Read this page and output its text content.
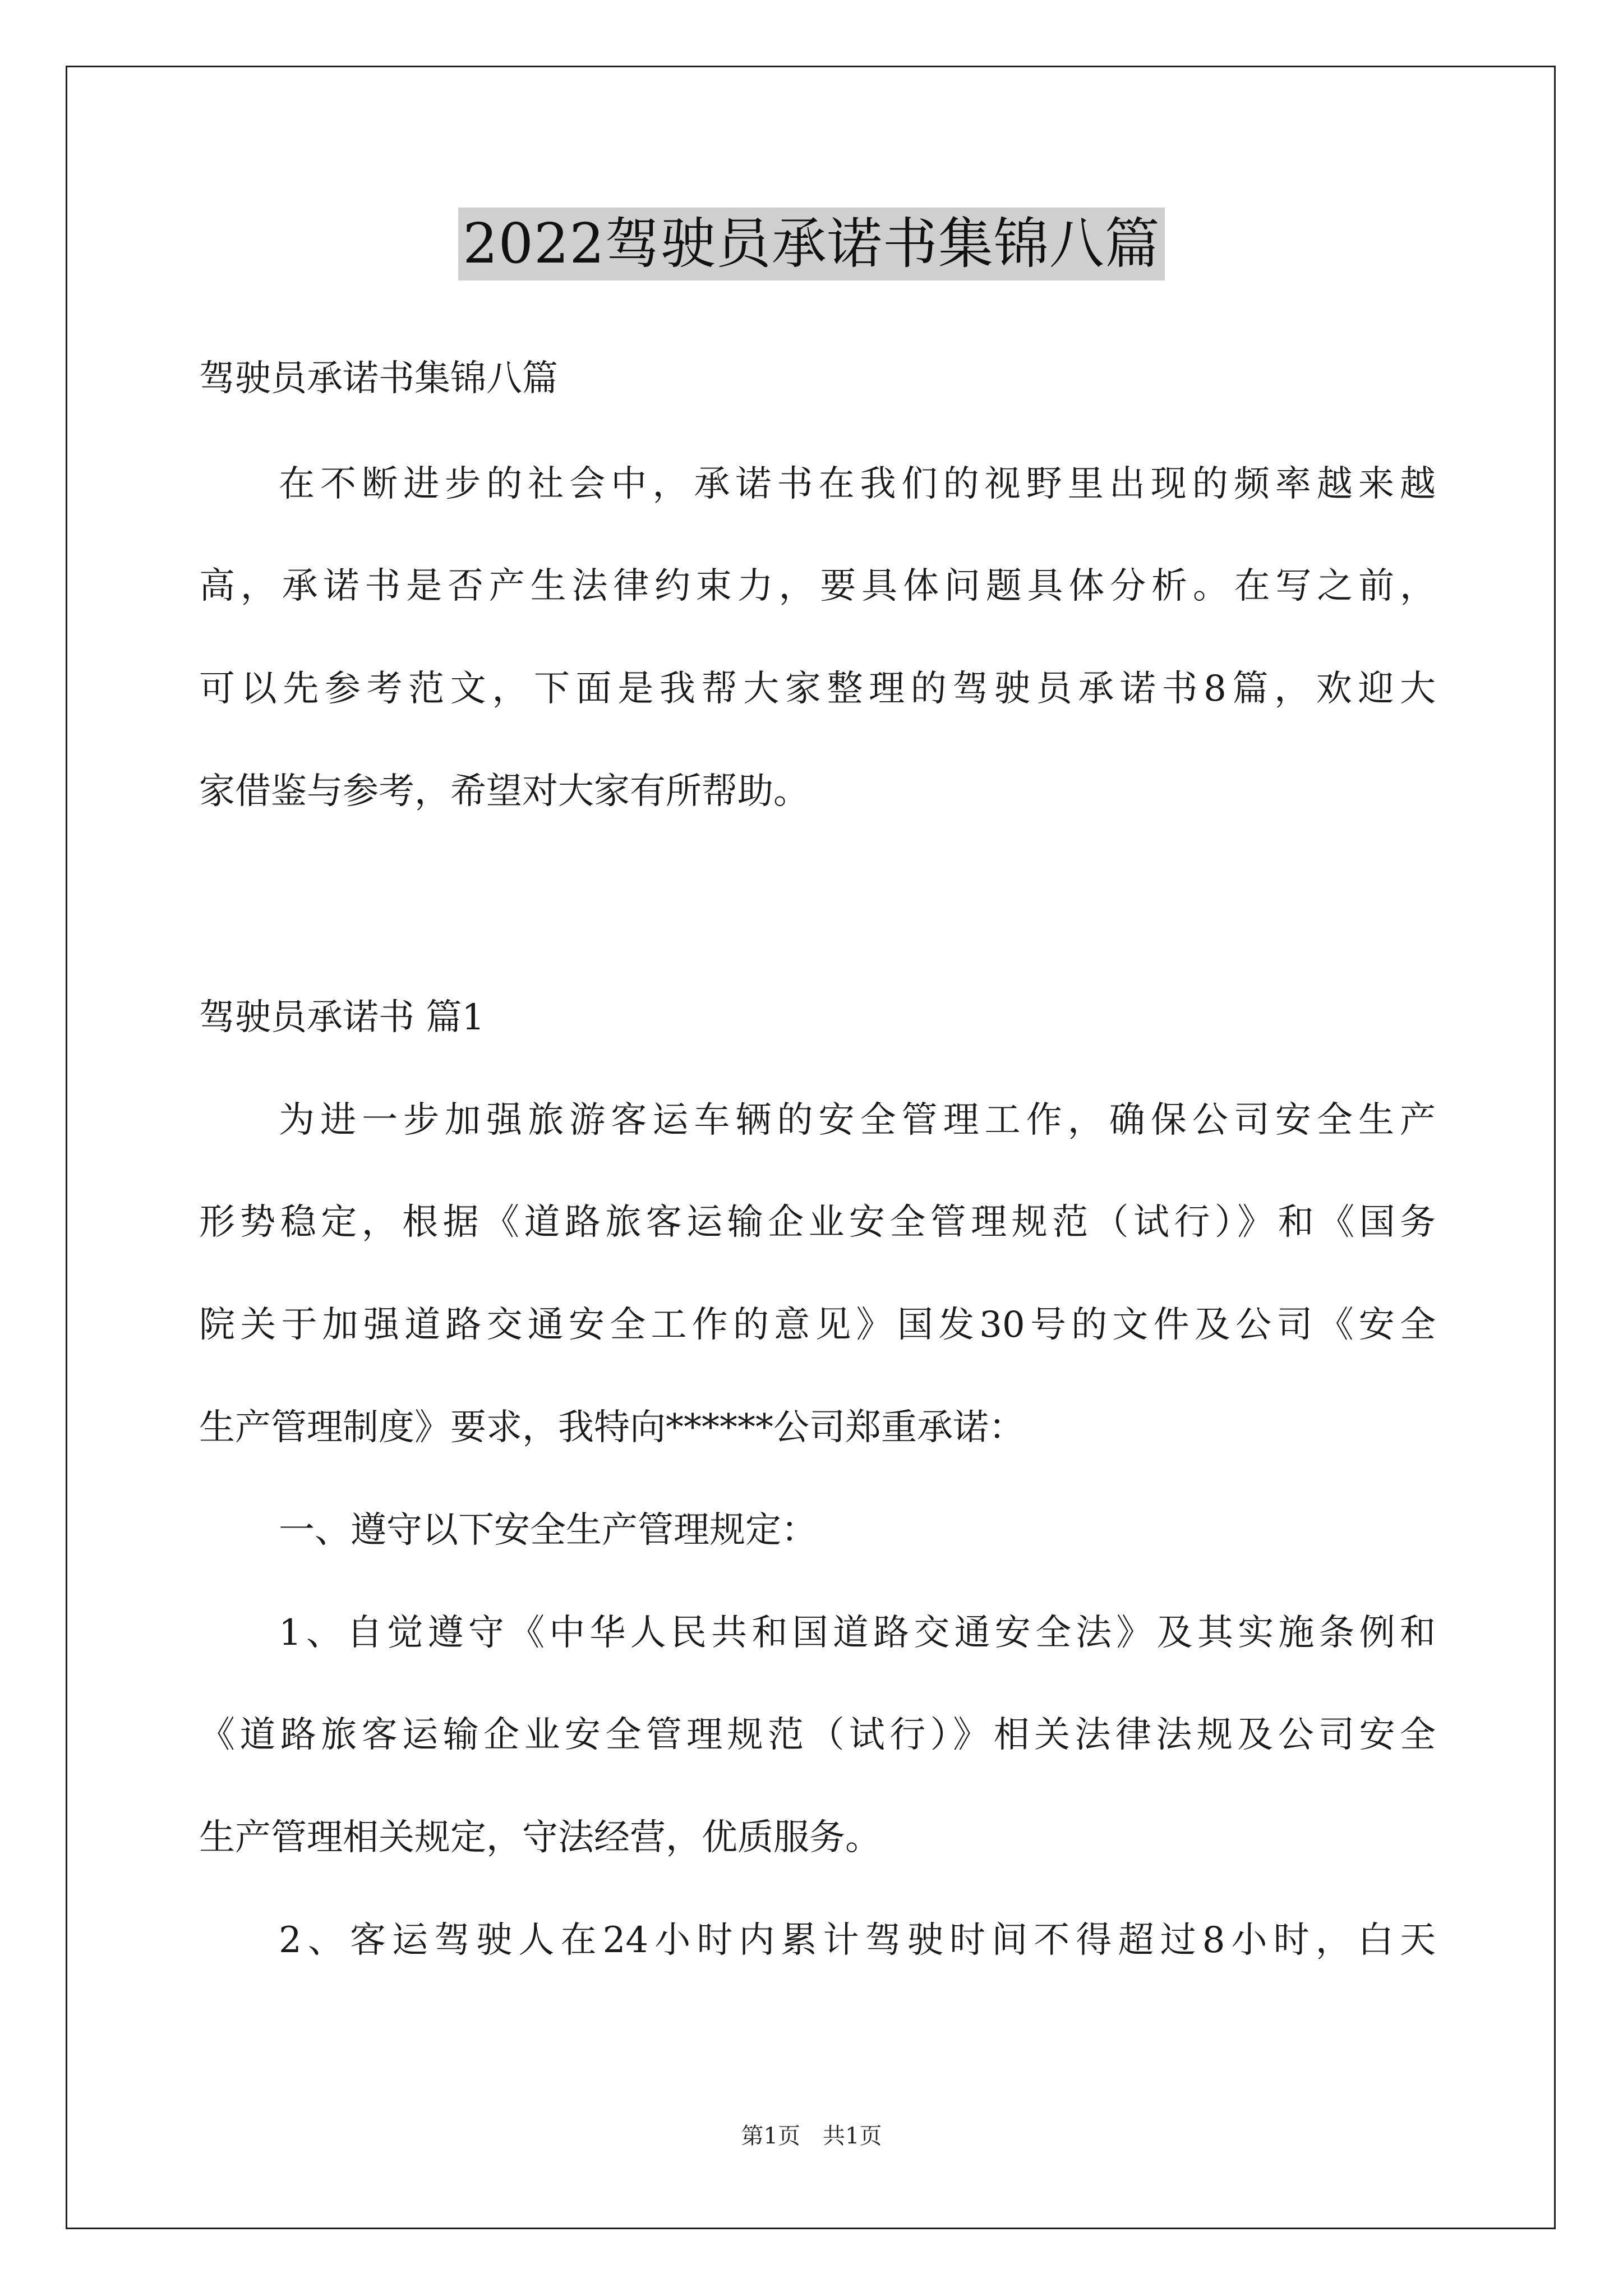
2022驾驶员承诺书集锦八篇
驾驶员承诺书集锦八篇
在不断进步的社会中，承诺书在我们的视野里出现的频率越来越
高，承诺书是否产生法律约束力，要具体问题具体分析。在写之前，
可以先参考范文，下面是我帮大家整理的驾驶员承诺书8篇，欢迎大
家借鉴与参考，希望对大家有所帮助。
驾驶员承诺书 篇1
为进一步加强旅游客运车辆的安全管理工作，确保公司安全生产
形势稳定，根据《道路旅客运输企业安全管理规范（试行）》和《国务
院关于加强道路交通安全工作的意见》国发30号的文件及公司《安全
生产管理制度》要求，我特向******公司郑重承诺：
一、遵守以下安全生产管理规定：
1、自觉遵守《中华人民共和国道路交通安全法》及其实施条例和
《道路旅客运输企业安全管理规范（试行）》相关法律法规及公司安全
生产管理相关规定，守法经营，优质服务。
2、客运驾驶人在24小时内累计驾驶时间不得超过8小时，白天
第1页　共1页
